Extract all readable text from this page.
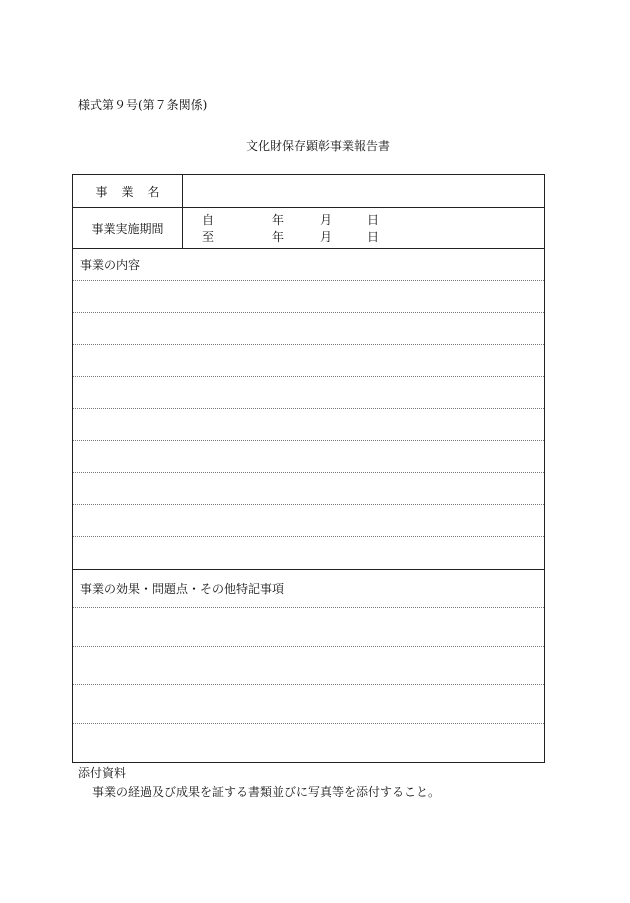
様式第９号(第７条関係)
文化財保存顕彰事業報告書
事 業 名
事業実施期間
自	年	月	日
至	年	月	日
事業の内容
事業の効果・問題点・その他特記事項
添付資料
事業の経過及び成果を証する書類並びに写真等を添付すること。
